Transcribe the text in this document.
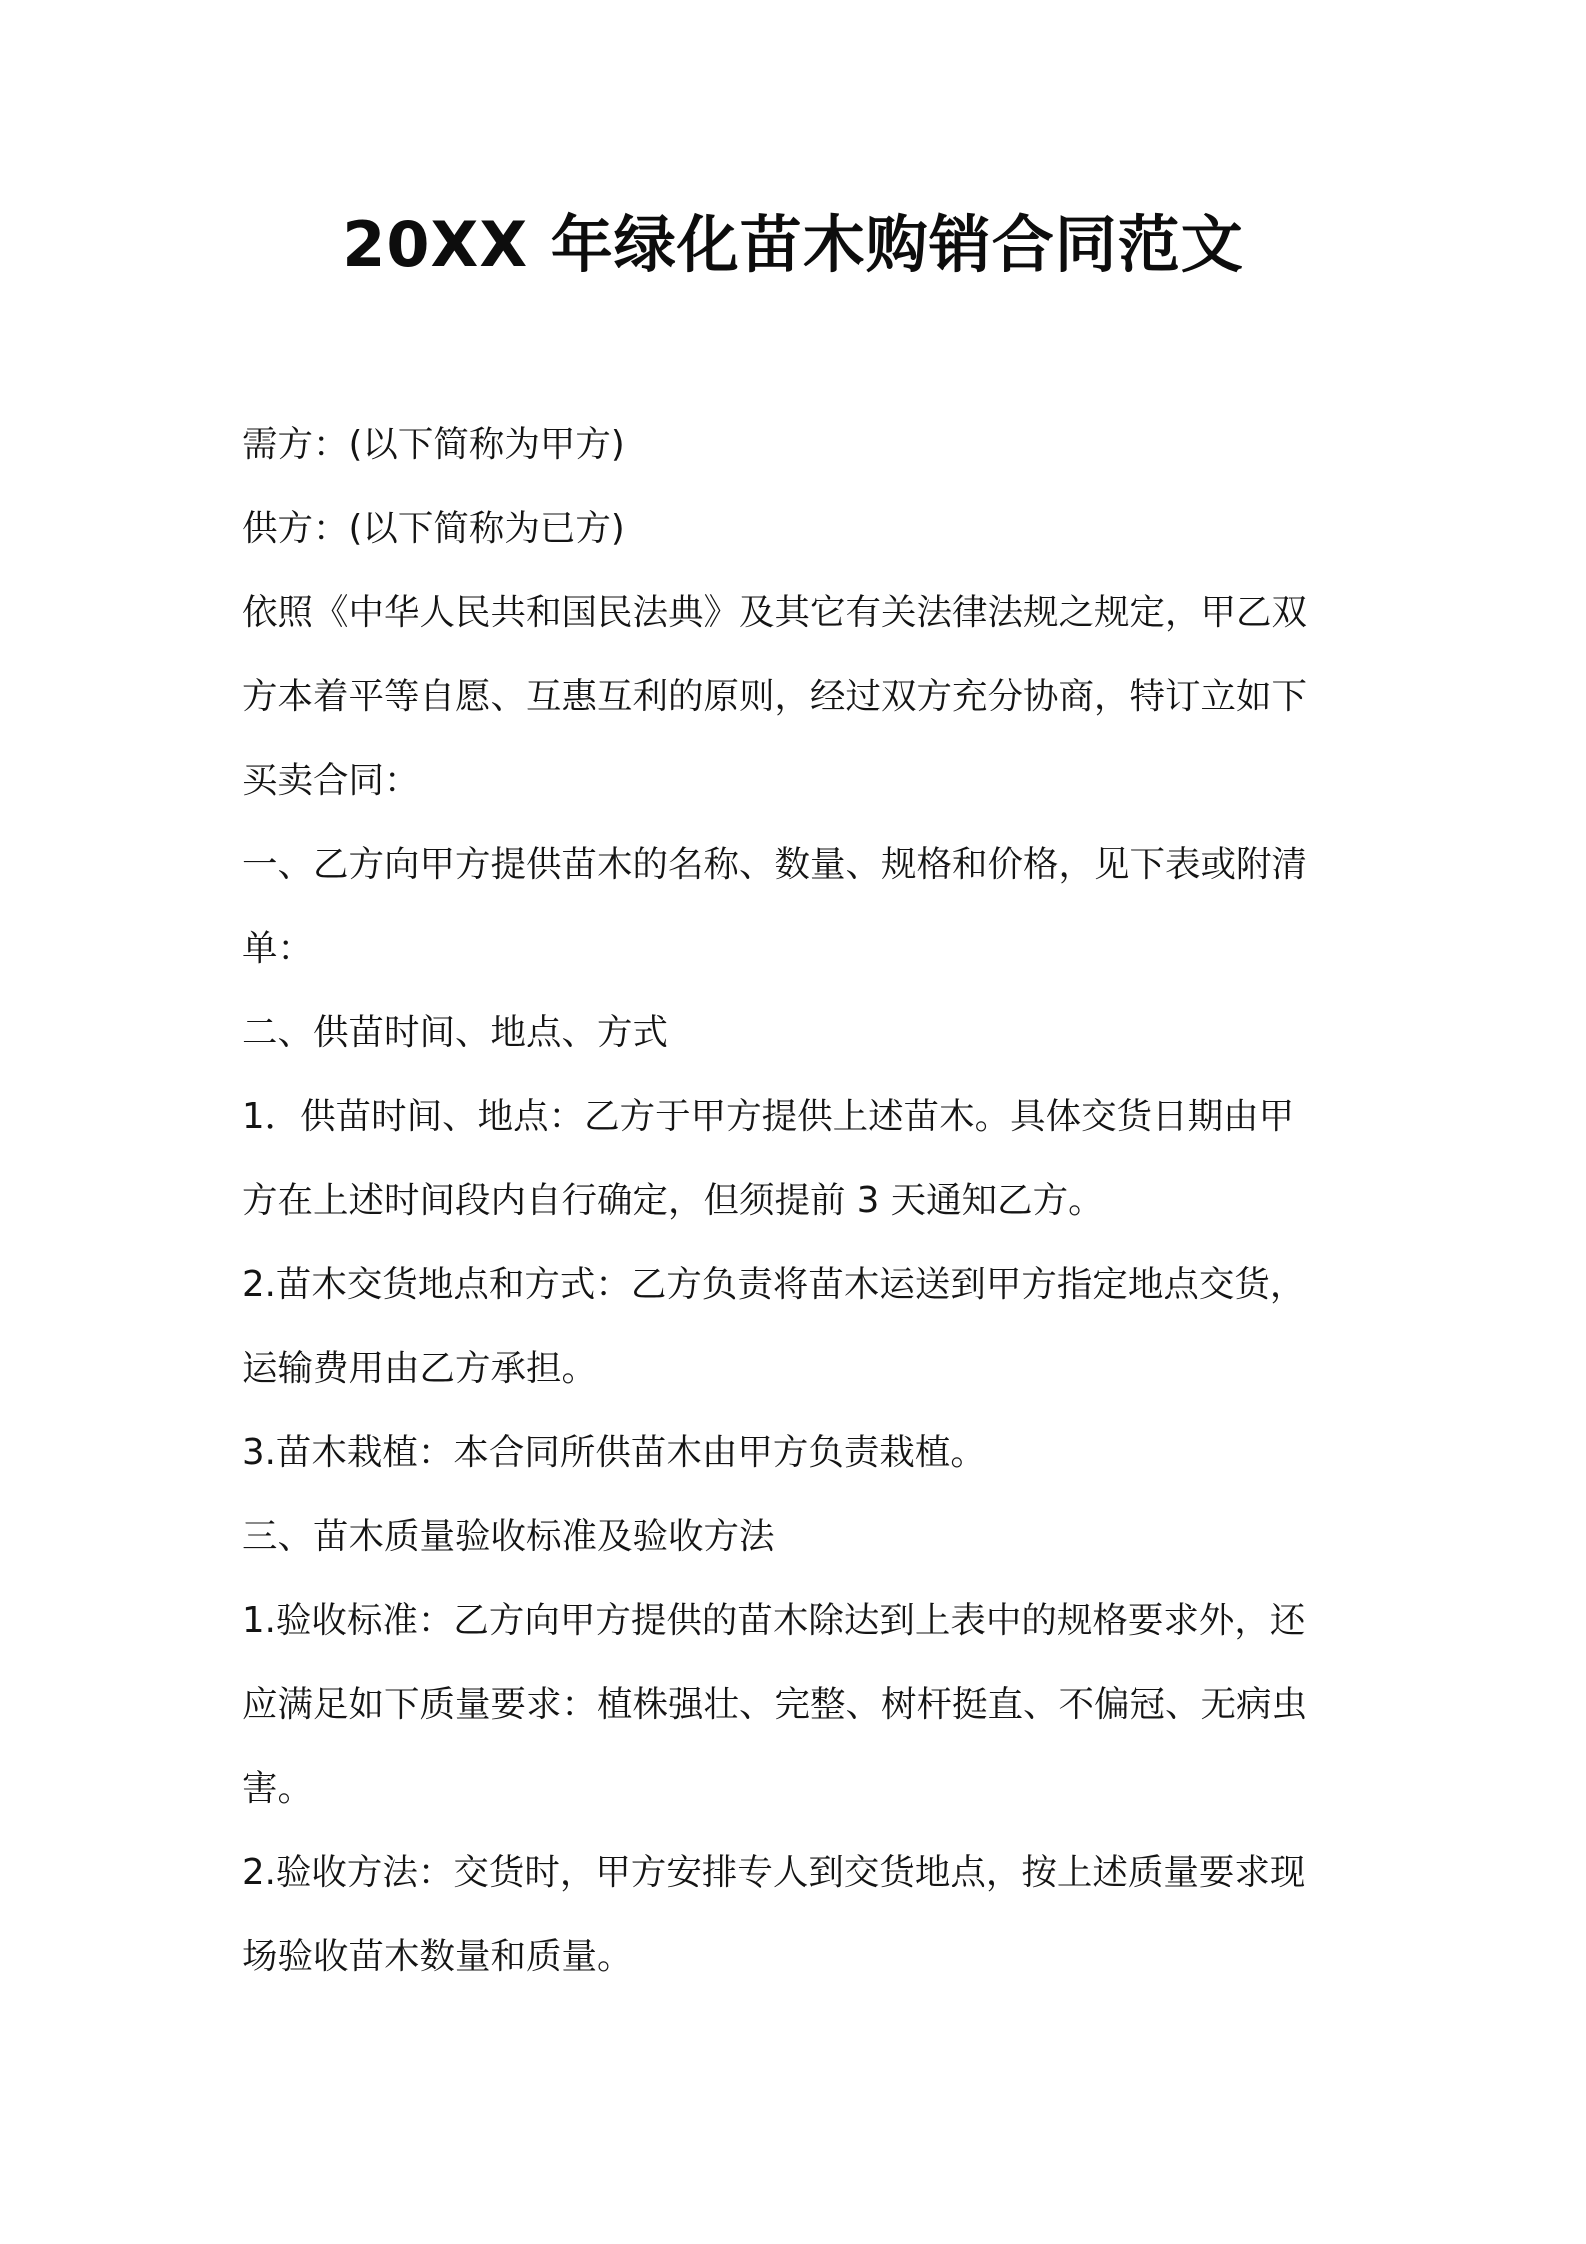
20XX 年绿化苗木购销合同范文

需方：(以下简称为甲方)

供方：(以下简称为已方)

依照《中华人民共和国民法典》及其它有关法律法规之规定，甲乙双

方本着平等自愿、互惠互利的原则，经过双方充分协商，特订立如下

买卖合同：

一、乙方向甲方提供苗木的名称、数量、规格和价格，见下表或附清

单：

二、供苗时间、地点、方式

1．供苗时间、地点：乙方于甲方提供上述苗木。具体交货日期由甲

方在上述时间段内自行确定，但须提前 3 天通知乙方。

2.苗木交货地点和方式：乙方负责将苗木运送到甲方指定地点交货，

运输费用由乙方承担。

3.苗木栽植：本合同所供苗木由甲方负责栽植。

三、苗木质量验收标准及验收方法

1.验收标准：乙方向甲方提供的苗木除达到上表中的规格要求外，还

应满足如下质量要求：植株强壮、完整、树杆挺直、不偏冠、无病虫

害。

2.验收方法：交货时，甲方安排专人到交货地点，按上述质量要求现

场验收苗木数量和质量。
